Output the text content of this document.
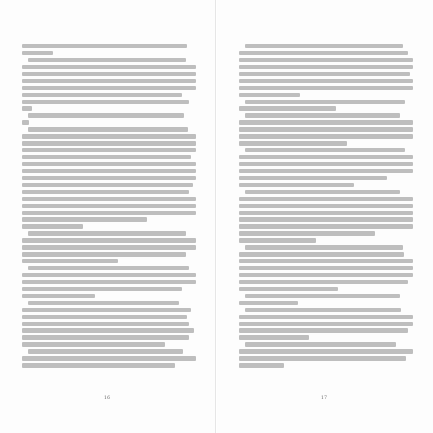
16	17
